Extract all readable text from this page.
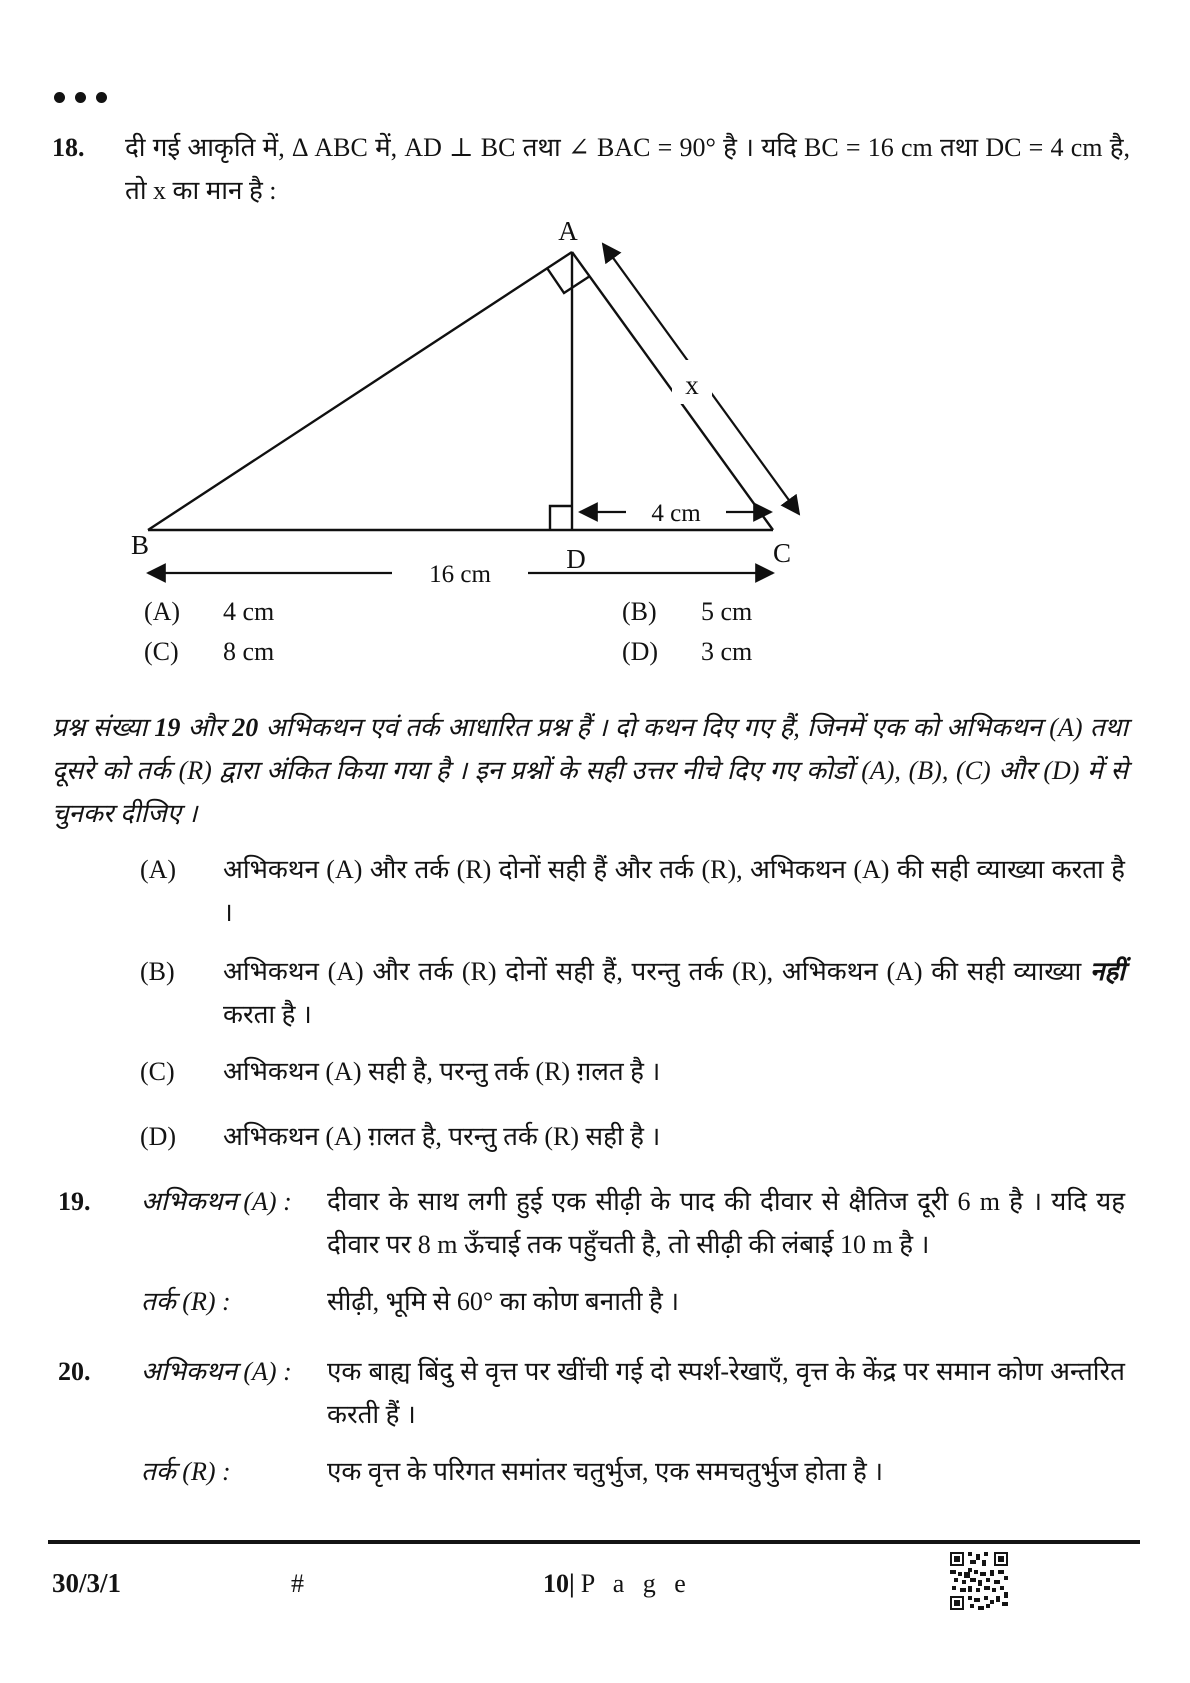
18.	दी गई आकृति में, Δ ABC में, AD ⊥ BC तथा ∠ BAC = 90° है । यदि BC = 16 cm तथा DC = 4 cm है, तो x का मान है :
x
4 cm
16 cm
A
B	C
D
(A)	4 cm	(B)	5 cm
(C)	8 cm	(D)	3 cm
प्रश्न संख्या 19 और 20 अभिकथन एवं तर्क आधारित प्रश्न हैं । दो कथन दिए गए हैं, जिनमें एक को अभिकथन (A) तथा दूसरे को तर्क (R) द्वारा अंकित किया गया है । इन प्रश्नों के सही उत्तर नीचे दिए गए कोडों (A), (B), (C) और (D) में से चुनकर दीजिए ।
(A)	अभिकथन (A) और तर्क (R) दोनों सही हैं और तर्क (R), अभिकथन (A) की सही व्याख्या करता है ।
(B)	अभिकथन (A) और तर्क (R) दोनों सही हैं, परन्तु तर्क (R), अभिकथन (A) की सही व्याख्या नहीं करता है ।
(C)	अभिकथन (A) सही है, परन्तु तर्क (R) ग़लत है ।
(D)	अभिकथन (A) ग़लत है, परन्तु तर्क (R) सही है ।
19.	अभिकथन (A) :	दीवार के साथ लगी हुई एक सीढ़ी के पाद की दीवार से क्षैतिज दूरी 6 m है । यदि यह दीवार पर 8 m ऊँचाई तक पहुँचती है, तो सीढ़ी की लंबाई 10 m है ।
तर्क (R) :	सीढ़ी, भूमि से 60° का कोण बनाती है ।
20.	अभिकथन (A) :	एक बाह्य बिंदु से वृत्त पर खींची गई दो स्पर्श-रेखाएँ, वृत्त के केंद्र पर समान कोण अन्तरित करती हैं ।
तर्क (R) :	एक वृत्त के परिगत समांतर चतुर्भुज, एक समचतुर्भुज होता है ।
30/3/1	#	10| P a g e
